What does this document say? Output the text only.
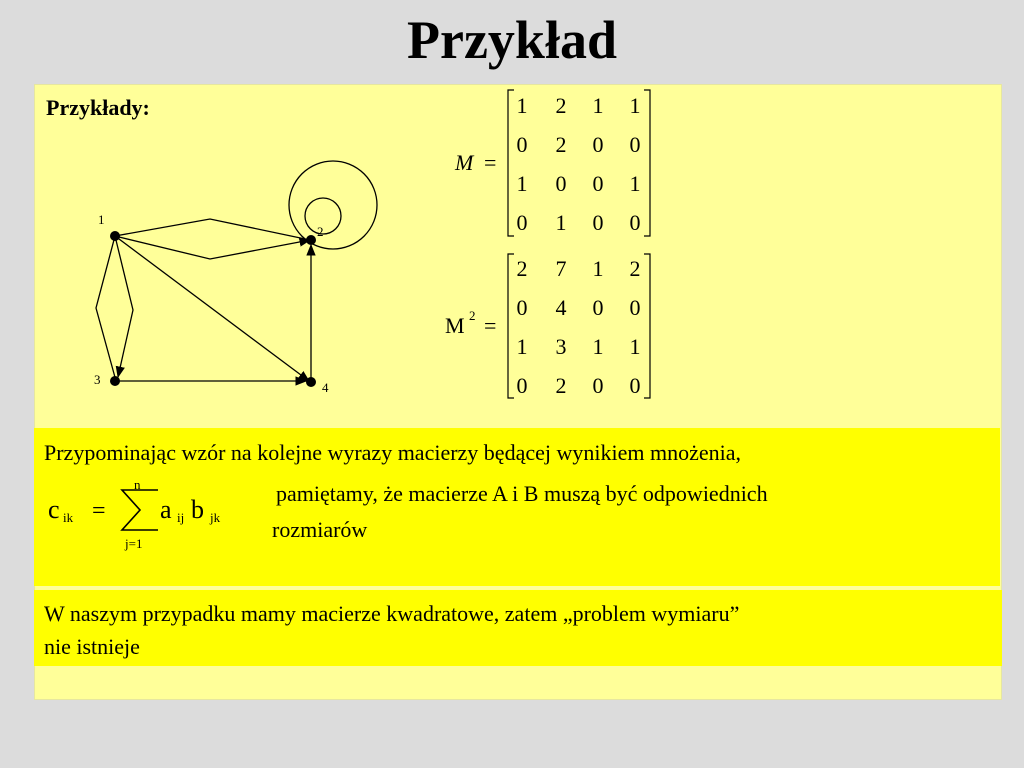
Przykład
Przykłady:
1
2
3
4
M =
M 2 =
1 2 1 1
0 2 0 0
1 0 0 1
0 1 0 0
2 7 1 2
0 4 0 0
1 3 1 1
0 2 0 0
Przypominając wzór na kolejne wyrazy macierzy będącej wynikiem mnożenia,
pamiętamy, że macierze A i B muszą być odpowiednich
rozmiarów
c ik =
n
j=1
a ij b jk
W naszym przypadku mamy macierze kwadratowe, zatem „problem wymiaru”
nie istnieje
